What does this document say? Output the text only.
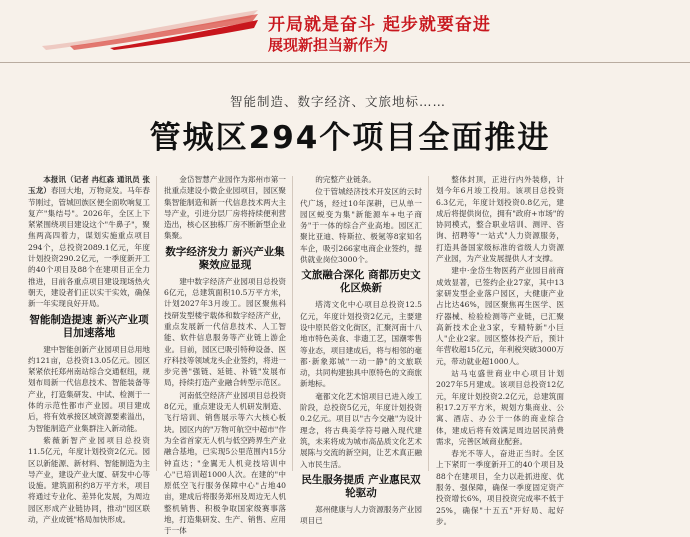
开局就是奋斗 起步就要奋进
展现新担当新作为
智能制造、数字经济、文旅地标……
管城区294个项目全面推进

本报讯（记者 冉红森 通讯员 张玉龙）春回大地，万物竞发。马年春节刚过，管城回族区便全面吹响复工复产"集结号"。2026年，全区上下紧紧围绕项目建设这个"牛鼻子"，聚焦两高四着力，谋划实施重点项目294个，总投资2089.1亿元，年度计划投资290.2亿元，一季度新开工的40个项目及88个在建项目正全力推进，目前各重点项目建设现场热火朝天，建设者们正以实干实效，确保新一年实现良好开局。

智能制造提速 新兴产业项目加速落地

建中智能创新产业园项目总用地约121亩，总投资13.05亿元。园区紧紧依托郑州南站综合交通枢纽，规划布局新一代信息技术、智能装备等产业，打造集研发、中试、检测于一体的示范性都市产业园。项目建成后，将有效承接区域资源要素溢出，为智能制造产业集群注入新动能。

紫薇新智产业园项目总投资11.5亿元，年度计划投资2亿元。园区以新能源、新材料、智能制造为主导产业，建设产业大厦、研发中心等设施。建筑面积约8万平方米，项目将通过专业化、差异化发展，为周边园区形成产业链协同，推动"园区联动，产业成链"格局加快形成。

金岱智慧产业园作为郑州市第一批重点建设小微企业园项目，园区聚集智能制造和新一代信息技术两大主导产业，引进分层厂房将持续便利营造出，核心区独栋厂房不断新型企业集聚。

数字经济发力 新兴产业集聚效应显现

建中数字经济产业园项目总投资6亿元，总建筑面积10.5万平方米，计划2027年3月竣工。园区聚焦科技研发型楼宇载体和数字经济产业，重点发展新一代信息技术、人工智能、软件信息服务等产业链上游企业。目前，园区已吸引特种设备、医疗科技等领域龙头企业签约，将进一步完善"强链、延链、补链"发展布局，持续打造产业融合转型示范区。

河南低空经济产业园项目总投资8亿元，重点建设无人机研发制造、飞行培训、销售展示等六大核心板块。园区内的"万物可航空中超市"作为全省首家无人机与低空跨界生产业融合基地，已实现5公里范围内15分钟直达；"金翼无人机竞技培训中心"已培训超1000人次。在建的"中原低空飞行服务保障中心"占地40亩，建成后将服务郑州及周边无人机整机销售、积极争取国家级赛事落地，打造集研发、生产、销售、应用于一体

的完整产业链条。

位于管城经济技术开发区的云时代广场，经过10年深耕，已从单一园区蜕变为集"新能源车+电子商务"于一体的综合产业高地。园区汇聚比亚迪、特斯拉、极氪等8家知名车企，吸引266家电商企业签约，提供就业岗位3000个。

文旅融合深化 商都历史文化区焕新

塔湾文化中心项目总投资12.5亿元，年度计划投资2亿元，主要建设中原民俗文化街区，汇聚河南十八地市特色美食、非遗工艺，国潮零售等业态，项目建成后，将与相邻的毫都·新象郑城"一动一静"的文旅联动，共同构建独具中原特色的文商旅新地标。

毫都文化艺术馆项目已进入竣工阶段，总投资5亿元，年度计划投资0.2亿元。项目以"古今交融"为设计理念，将古典美学符号融入现代建筑，未来将成为城市高品质文化艺术展陈与交流的新空间，让艺术真正融入市民生活。

民生服务提质 产业惠民双轮驱动

郑州健康与人力资源服务产业园项目已

整体封顶，正进行内外装修，计划今年6月竣工投用。该项目总投资6.3亿元，年度计划投资0.8亿元，建成后将提供岗位，拥有"政府+市场"的协同模式，整合职业培训、测评、咨询、招聘等"一站式"人力资源服务，打造具备国家级标准的省级人力资源产业园，为产业发展提供人才支撑。

建中·金岱生物医药产业园目前商成效显著，已签约企业27家，其中13家研发型企业落户园区，大健康产业占比达46%，园区聚焦再生医学、医疗器械、检验检测等产业链，已汇聚高新技术企业3家，专精特新"小巨人"企业2家。园区整体投产后，预计年营收超15亿元，年利税突破3000万元，带动就业超1000人。

站马屯盛世商业中心项目计划2027年5月建成。该项目总投资12亿元，年度计划投资2.2亿元，总建筑面积17.2万平方米，规划方集商业、公寓、酒店、办公于一体的商业综合体，建成后将有效满足周边居民消费需求，完善区域商业配套。

春光不等人，奋进正当时。全区上下紧盯一季度新开工的40个项目及88个在建项目，全力以赴抓进度、优服务、强保障，确保一季度固定资产投资增长6%，项目投资完成率不低于25%，确保"十五五"开好局、起好步。
